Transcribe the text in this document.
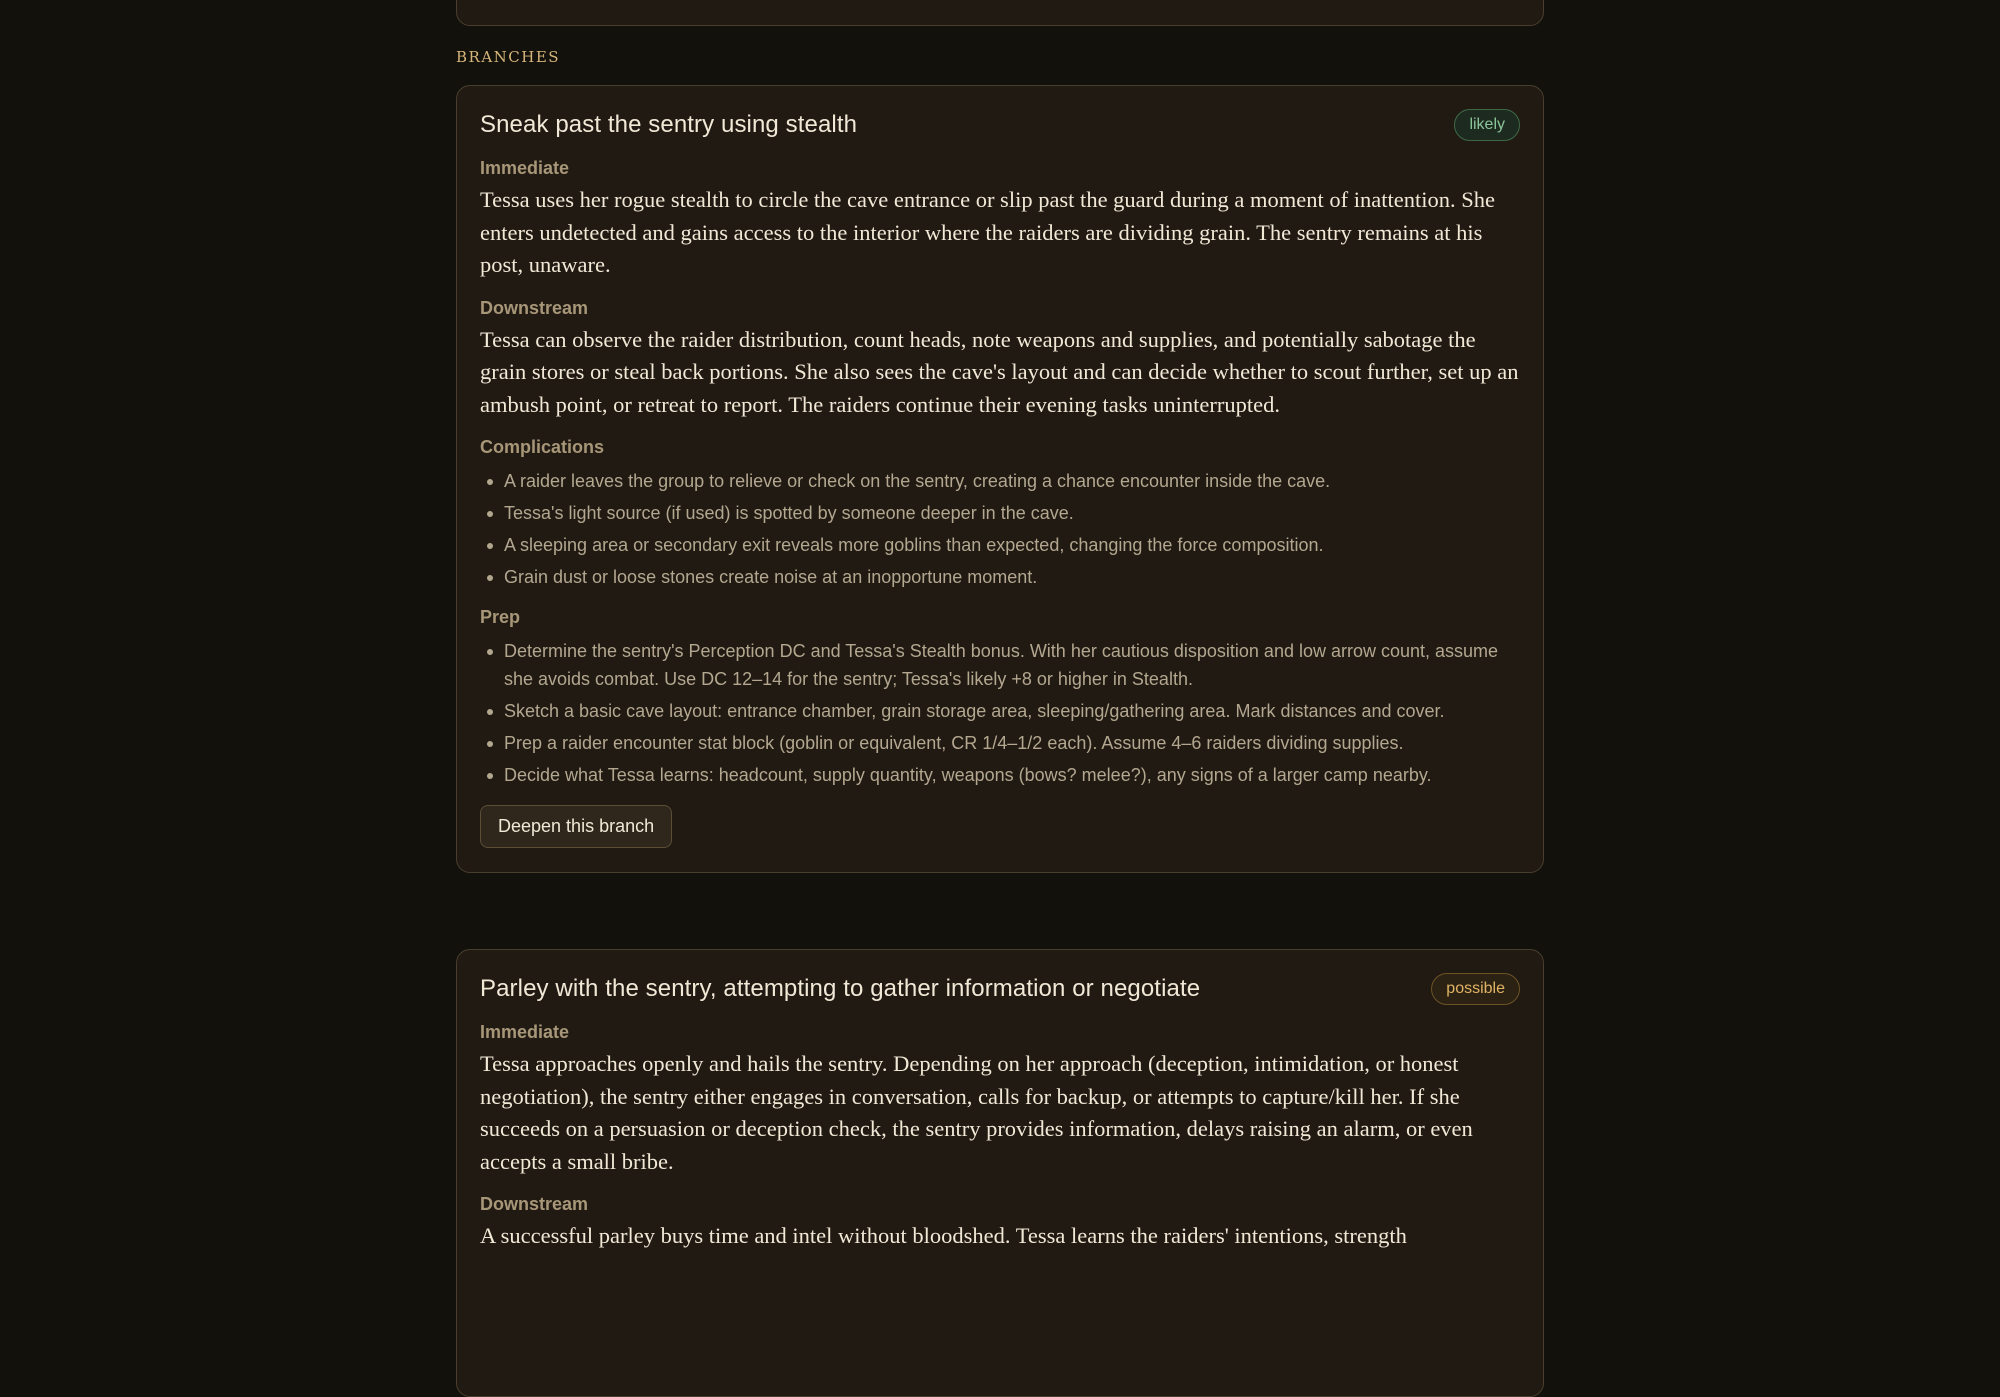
BRANCHES
Sneak past the sentry using stealth	likely
Immediate

Tessa uses her rogue stealth to circle the cave entrance or slip past the guard during a moment of inattention. She enters undetected and gains access to the interior where the raiders are dividing grain. The sentry remains at his post, unaware.

Downstream

Tessa can observe the raider distribution, count heads, note weapons and supplies, and potentially sabotage the grain stores or steal back portions. She also sees the cave's layout and can decide whether to scout further, set up an ambush point, or retreat to report. The raiders continue their evening tasks uninterrupted.

Complications
A raider leaves the group to relieve or check on the sentry, creating a chance encounter inside the cave.
Tessa's light source (if used) is spotted by someone deeper in the cave.
A sleeping area or secondary exit reveals more goblins than expected, changing the force composition.
Grain dust or loose stones create noise at an inopportune moment.
Prep
Determine the sentry's Perception DC and Tessa's Stealth bonus. With her cautious disposition and low arrow count, assume she avoids combat. Use DC 12–14 for the sentry; Tessa's likely +8 or higher in Stealth.
Sketch a basic cave layout: entrance chamber, grain storage area, sleeping/gathering area. Mark distances and cover.
Prep a raider encounter stat block (goblin or equivalent, CR 1/4–1/2 each). Assume 4–6 raiders dividing supplies.
Decide what Tessa learns: headcount, supply quantity, weapons (bows? melee?), any signs of a larger camp nearby.
Deepen this branch
Parley with the sentry, attempting to gather information or negotiate	possible
Immediate

Tessa approaches openly and hails the sentry. Depending on her approach (deception, intimidation, or honest negotiation), the sentry either engages in conversation, calls for backup, or attempts to capture/kill her. If she succeeds on a persuasion or deception check, the sentry provides information, delays raising an alarm, or even accepts a small bribe.

Downstream

A successful parley buys time and intel without bloodshed. Tessa learns the raiders' intentions, strength
